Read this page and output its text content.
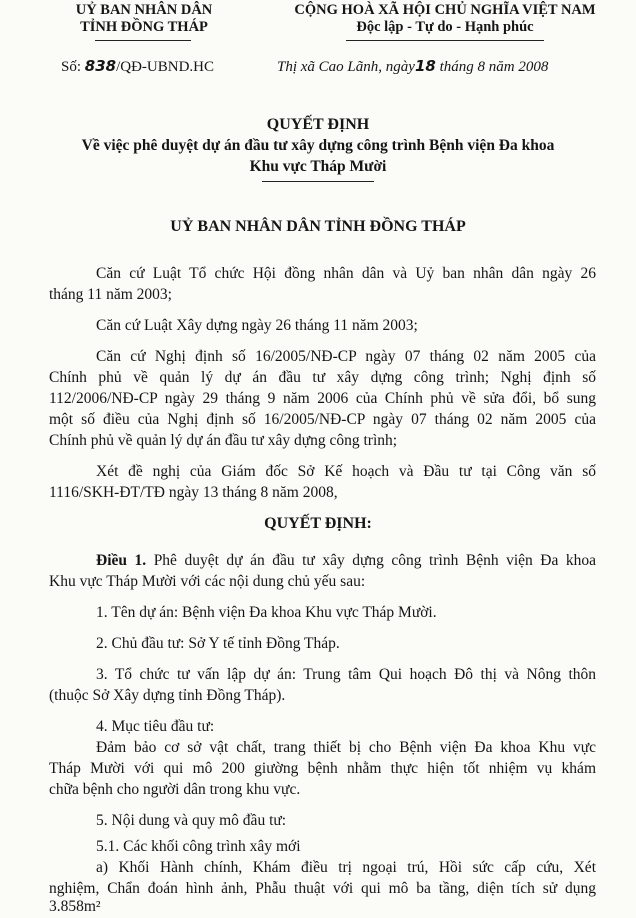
UỶ BAN NHÂN DÂN
TỈNH ĐỒNG THÁP
Số: 838/QĐ-UBND.HC
CỘNG HOÀ XÃ HỘI CHỦ NGHĨA VIỆT NAM
Độc lập - Tự do - Hạnh phúc
Thị xã Cao Lãnh, ngày18 tháng 8 năm 2008
QUYẾT ĐỊNH
Về việc phê duyệt dự án đầu tư xây dựng công trình Bệnh viện Đa khoa
Khu vực Tháp Mười
UỶ BAN NHÂN DÂN TỈNH ĐỒNG THÁP
Căn cứ Luật Tổ chức Hội đồng nhân dân và Uỷ ban nhân dân ngày 26
tháng 11 năm 2003;
Căn cứ Luật Xây dựng ngày 26 tháng 11 năm 2003;
Căn cứ Nghị định số 16/2005/NĐ-CP ngày 07 tháng 02 năm 2005 của
Chính phủ về quản lý dự án đầu tư xây dựng công trình; Nghị định số
112/2006/NĐ-CP ngày 29 tháng 9 năm 2006 của Chính phủ về sửa đổi, bổ sung
một số điều của Nghị định số 16/2005/NĐ-CP ngày 07 tháng 02 năm 2005 của
Chính phủ về quản lý dự án đầu tư xây dựng công trình;
Xét đề nghị của Giám đốc Sở Kế hoạch và Đầu tư tại Công văn số
1116/SKH-ĐT/TĐ ngày 13 tháng 8 năm 2008,
QUYẾT ĐỊNH:
Điều 1. Phê duyệt dự án đầu tư xây dựng công trình Bệnh viện Đa khoa
Khu vực Tháp Mười với các nội dung chủ yếu sau:
1. Tên dự án: Bệnh viện Đa khoa Khu vực Tháp Mười.
2. Chủ đầu tư: Sở Y tế tỉnh Đồng Tháp.
3. Tổ chức tư vấn lập dự án: Trung tâm Qui hoạch Đô thị và Nông thôn
(thuộc Sở Xây dựng tỉnh Đồng Tháp).
4. Mục tiêu đầu tư:
Đảm bảo cơ sở vật chất, trang thiết bị cho Bệnh viện Đa khoa Khu vực
Tháp Mười với qui mô 200 giường bệnh nhằm thực hiện tốt nhiệm vụ khám
chữa bệnh cho người dân trong khu vực.
5. Nội dung và quy mô đầu tư:
5.1. Các khối công trình xây mới
a) Khối Hành chính, Khám điều trị ngoại trú, Hồi sức cấp cứu, Xét
nghiệm, Chẩn đoán hình ảnh, Phẫu thuật với qui mô ba tầng, diện tích sử dụng
3.858m²
